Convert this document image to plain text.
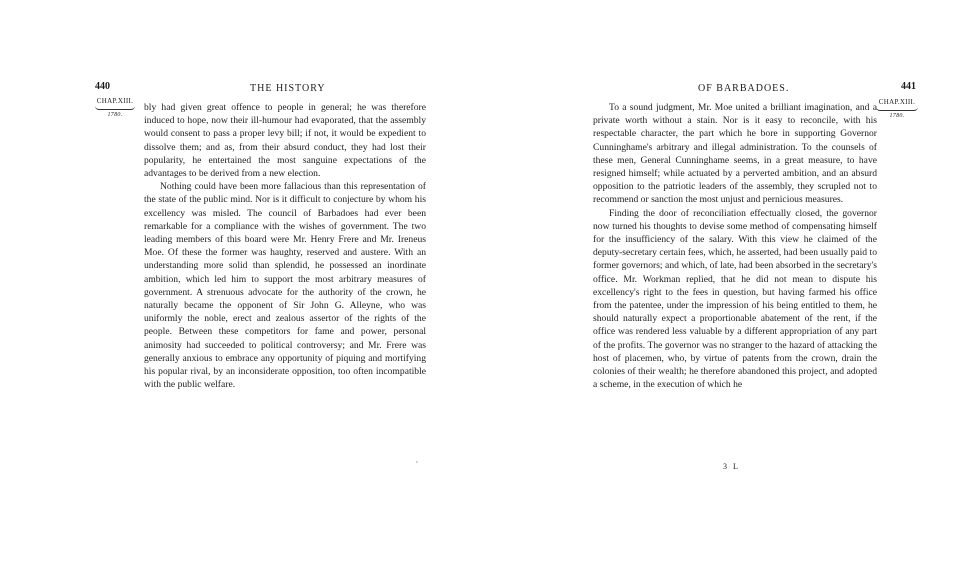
440	THE HISTORY
CHAP.XIII.
1780.

bly had given great offence to people in general; he was therefore induced to hope, now their ill-humour had evaporated, that the assembly would consent to pass a proper levy bill; if not, it would be expedient to dissolve them; and as, from their absurd conduct, they had lost their popularity, he entertained the most sanguine expectations of the advantages to be derived from a new election.

Nothing could have been more fallacious than this representation of the state of the public mind. Nor is it difficult to conjecture by whom his excellency was misled. The council of Barbadoes had ever been remarkable for a compliance with the wishes of government. The two leading members of this board were Mr. Henry Frere and Mr. Ireneus Moe. Of these the former was haughty, reserved and austere. With an understanding more solid than splendid, he possessed an inordinate ambition, which led him to support the most arbitrary measures of government. A strenuous advocate for the authority of the crown, he naturally became the opponent of Sir John G. Alleyne, who was uniformly the noble, erect and zealous assertor of the rights of the people. Between these competitors for fame and power, personal animosity had succeeded to political controversy; and Mr. Frere was generally anxious to embrace any opportunity of piquing and mortifying his popular rival, by an inconsiderate opposition, too often incompatible with the public welfare.

,
OF BARBADOES.	441
CHAP.XIII.
1780.

To a sound judgment, Mr. Moe united a brilliant imagination, and a private worth without a stain. Nor is it easy to reconcile, with his respectable character, the part which he bore in supporting Governor Cunninghame's arbitrary and illegal administration. To the counsels of these men, General Cunninghame seems, in a great measure, to have resigned himself; while actuated by a perverted ambition, and an absurd opposition to the patriotic leaders of the assembly, they scrupled not to recommend or sanction the most unjust and pernicious measures.

Finding the door of reconciliation effectually closed, the governor now turned his thoughts to devise some method of compensating himself for the insufficiency of the salary. With this view he claimed of the deputy-secretary certain fees, which, he asserted, had been usually paid to former governors; and which, of late, had been absorbed in the secretary's office. Mr. Workman replied, that he did not mean to dispute his excellency's right to the fees in question, but having farmed his office from the patentee, under the impression of his being entitled to them, he should naturally expect a proportionable abatement of the rent, if the office was rendered less valuable by a different appropriation of any part of the profits. The governor was no stranger to the hazard of attacking the host of placemen, who, by virtue of patents from the crown, drain the colonies of their wealth; he therefore abandoned this project, and adopted a scheme, in the execution of which he

3 L
